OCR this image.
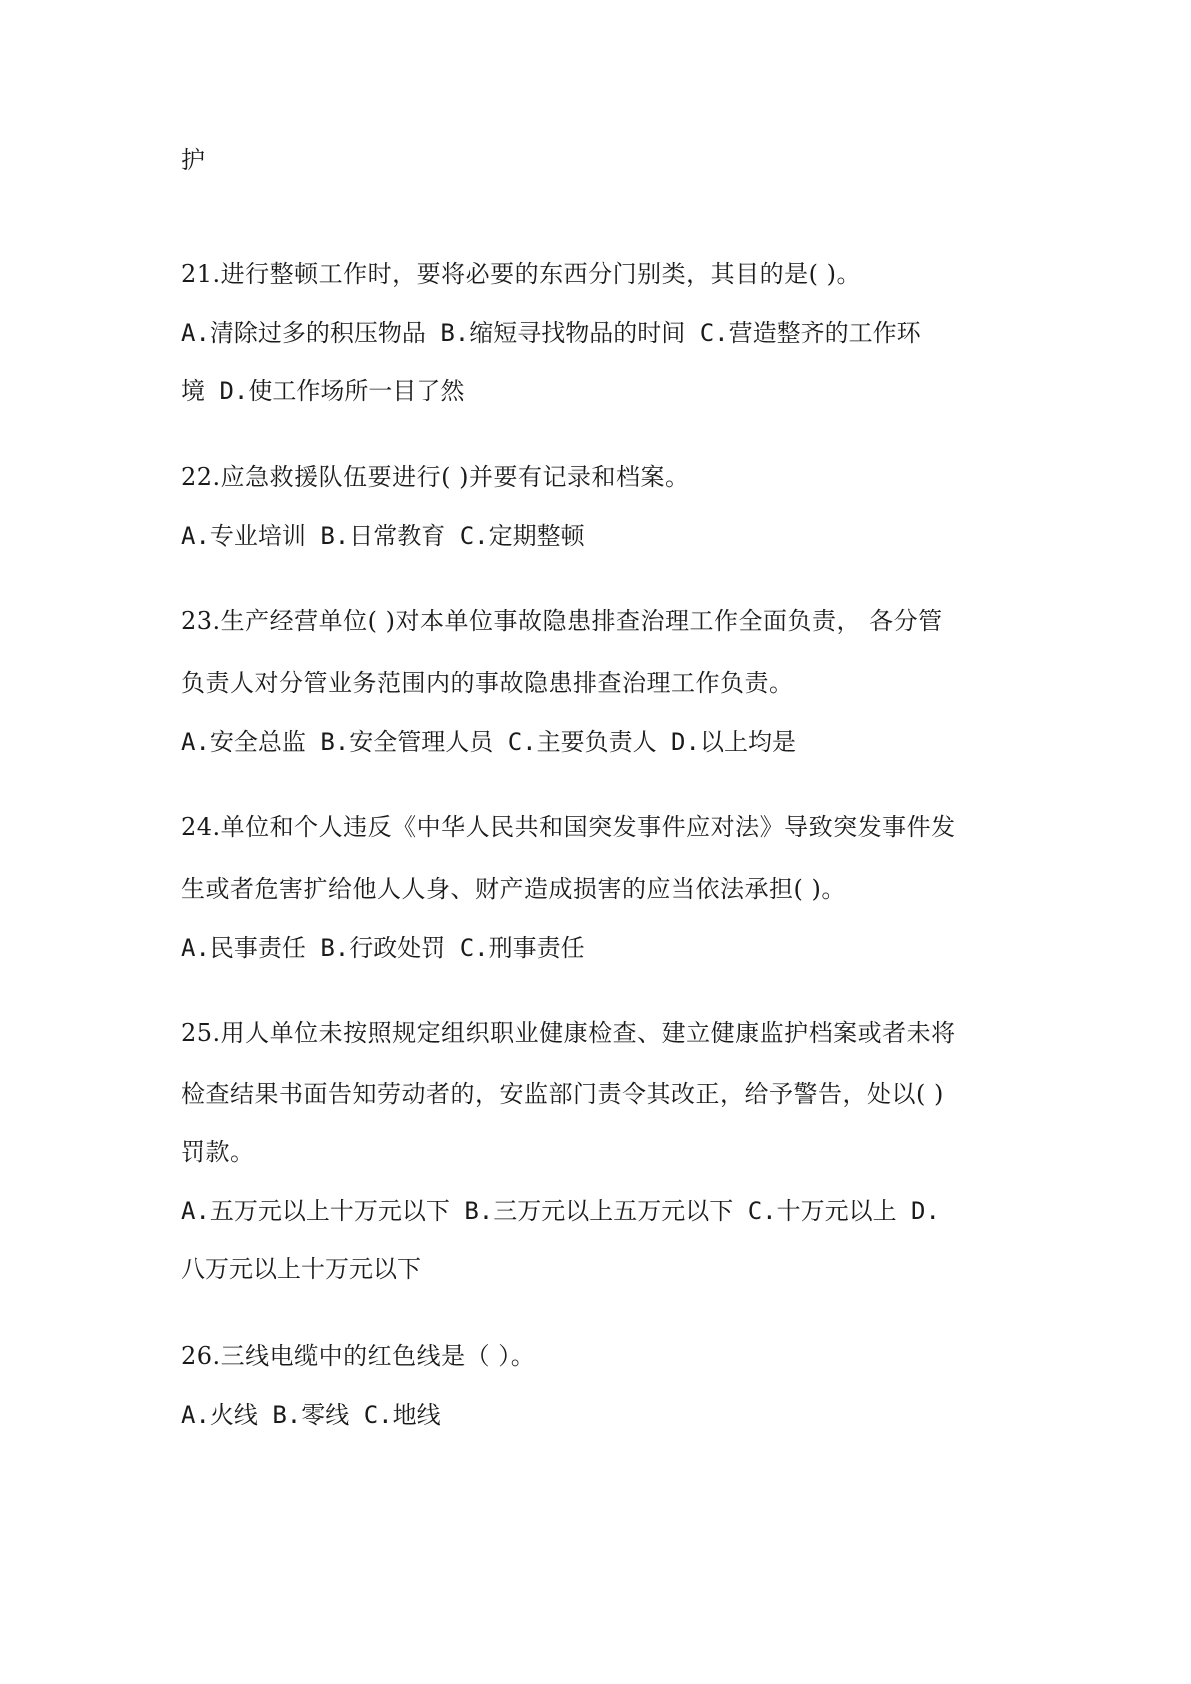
护
21.进行整顿工作时，要将必要的东西分门别类，其目的是( )。
A.清除过多的积压物品 B.缩短寻找物品的时间 C.营造整齐的工作环
境 D.使工作场所一目了然
22.应急救援队伍要进行( )并要有记录和档案。
A.专业培训 B.日常教育 C.定期整顿
23.生产经营单位( )对本单位事故隐患排查治理工作全面负责， 各分管
负责人对分管业务范围内的事故隐患排查治理工作负责。
A.安全总监 B.安全管理人员 C.主要负责人 D.以上均是
24.单位和个人违反《中华人民共和国突发事件应对法》导致突发事件发
生或者危害扩给他人人身、财产造成损害的应当依法承担( )。
A.民事责任 B.行政处罚 C.刑事责任
25.用人单位未按照规定组织职业健康检查、建立健康监护档案或者未将
检查结果书面告知劳动者的，安监部门责令其改正，给予警告，处以( )
罚款。
A.五万元以上十万元以下 B.三万元以上五万元以下 C.十万元以上 D.
八万元以上十万元以下
26.三线电缆中的红色线是（ ）。
A.火线 B.零线 C.地线
